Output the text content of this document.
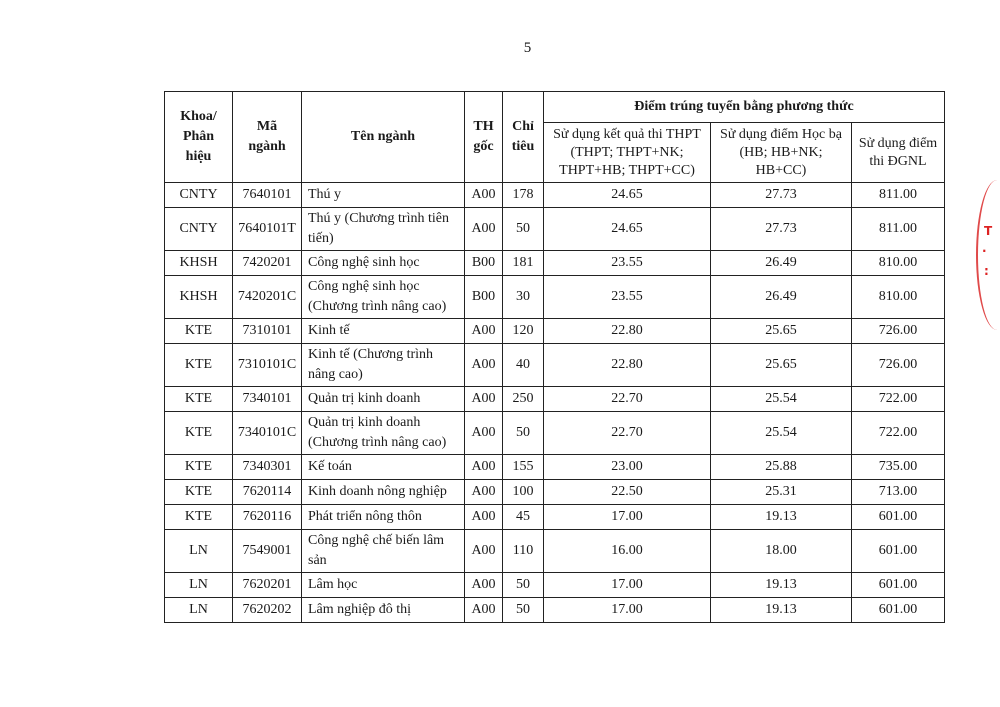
5
Khoa/ Phân hiệu	Mã ngành	Tên ngành	TH gốc	Chỉ tiêu	Điểm trúng tuyển bằng phương thức		
					Sử dụng kết quả thi THPT (THPT; THPT+NK; THPT+HB; THPT+CC)	Sử dụng điểm Học bạ (HB; HB+NK; HB+CC)	Sử dụng điểm thi ĐGNL
CNTY	7640101	Thú y	A00	178	24.65	27.73	811.00
CNTY	7640101T	Thú y (Chương trình tiên tiến)	A00	50	24.65	27.73	811.00
KHSH	7420201	Công nghệ sinh học	B00	181	23.55	26.49	810.00
KHSH	7420201C	Công nghệ sinh học (Chương trình nâng cao)	B00	30	23.55	26.49	810.00
KTE	7310101	Kinh tế	A00	120	22.80	25.65	726.00
KTE	7310101C	Kinh tế (Chương trình nâng cao)	A00	40	22.80	25.65	726.00
KTE	7340101	Quản trị kinh doanh	A00	250	22.70	25.54	722.00
KTE	7340101C	Quản trị kinh doanh (Chương trình nâng cao)	A00	50	22.70	25.54	722.00
KTE	7340301	Kế toán	A00	155	23.00	25.88	735.00
KTE	7620114	Kinh doanh nông nghiệp	A00	100	22.50	25.31	713.00
KTE	7620116	Phát triển nông thôn	A00	45	17.00	19.13	601.00
LN	7549001	Công nghệ chế biến lâm sản	A00	110	16.00	18.00	601.00
LN	7620201	Lâm học	A00	50	17.00	19.13	601.00
LN	7620202	Lâm nghiệp đô thị	A00	50	17.00	19.13	601.00
T
·
:
